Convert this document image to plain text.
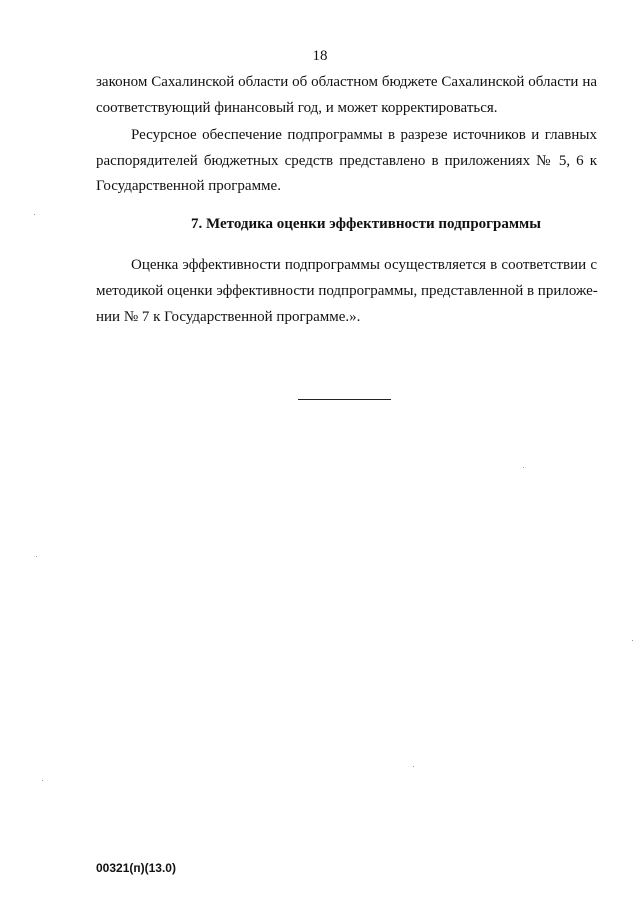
18
законом Сахалинской области об областном бюджете Сахалинской области на
соответствующий финансовый год, и может корректироваться.
Ресурсное обеспечение подпрограммы в разрезе источников и главных
распорядителей бюджетных средств представлено в приложениях № 5, 6 к
Государственной программе.
7. Методика оценки эффективности подпрограммы
Оценка эффективности подпрограммы осуществляется в соответствии с
методикой оценки эффективности подпрограммы, представленной в приложе-
нии № 7 к Государственной программе.».
00321(п)(13.0)
